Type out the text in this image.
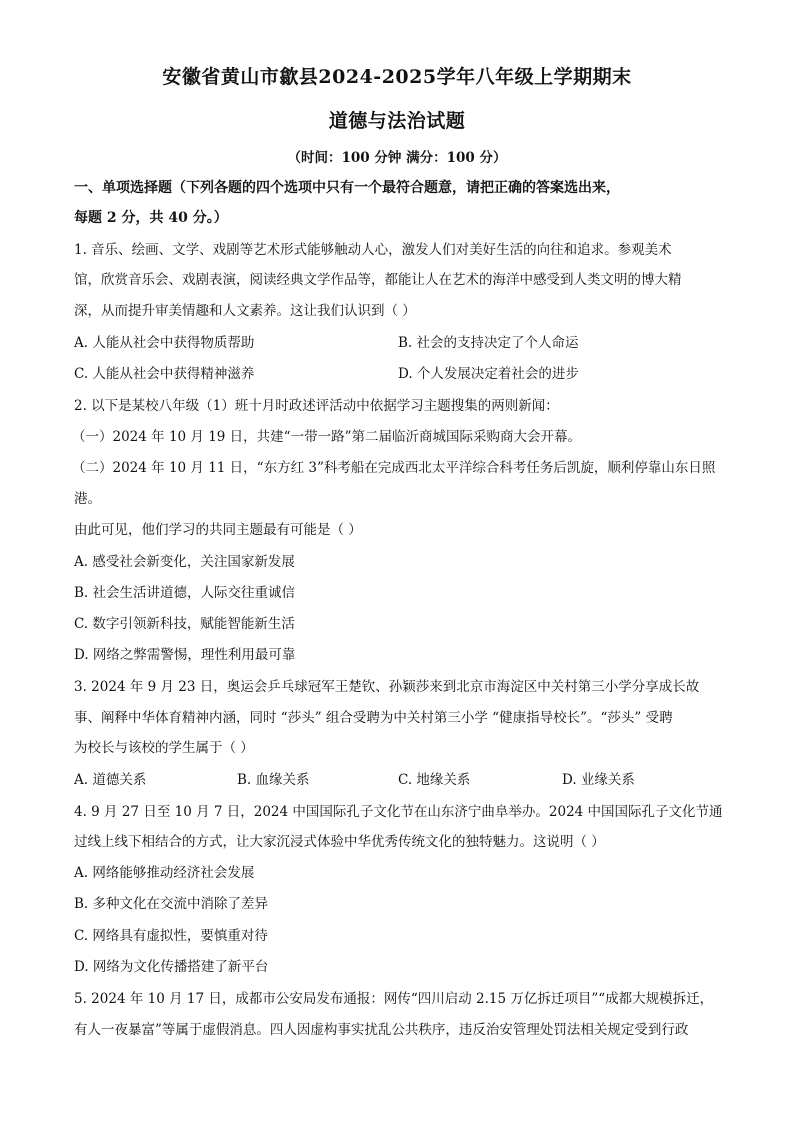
安徽省黄山市歙县2024-2025学年八年级上学期期末
道德与法治试题
（时间：100 分钟 满分：100 分）
一、单项选择题（下列各题的四个选项中只有一个最符合题意，请把正确的答案选出来，
每题 2 分，共 40 分。）
1. 音乐、绘画、文学、戏剧等艺术形式能够触动人心，激发人们对美好生活的向往和追求。参观美术
馆，欣赏音乐会、戏剧表演，阅读经典文学作品等，都能让人在艺术的海洋中感受到人类文明的博大精
深，从而提升审美情趣和人文素养。这让我们认识到（ ）
A. 人能从社会中获得物质帮助	B. 社会的支持决定了个人命运
C. 人能从社会中获得精神滋养	D. 个人发展决定着社会的进步
2. 以下是某校八年级（1）班十月时政述评活动中依据学习主题搜集的两则新闻：
（一）2024 年 10 月 19 日，共建“一带一路”第二届临沂商城国际采购商大会开幕。
（二）2024 年 10 月 11 日，“东方红 3”科考船在完成西北太平洋综合科考任务后凯旋，顺利停靠山东日照
港。
由此可见，他们学习的共同主题最有可能是（ ）
A. 感受社会新变化，关注国家新发展
B. 社会生活讲道德，人际交往重诚信
C. 数字引领新科技，赋能智能新生活
D. 网络之弊需警惕，理性利用最可靠
3. 2024 年 9 月 23 日，奥运会乒乓球冠军王楚钦、孙颖莎来到北京市海淀区中关村第三小学分享成长故
事、阐释中华体育精神内涵，同时 “莎头” 组合受聘为中关村第三小学 “健康指导校长”。“莎头” 受聘
为校长与该校的学生属于（ ）
A. 道德关系	B. 血缘关系	C. 地缘关系	D. 业缘关系
4. 9 月 27 日至 10 月 7 日，2024 中国国际孔子文化节在山东济宁曲阜举办。2024 中国国际孔子文化节通
过线上线下相结合的方式，让大家沉浸式体验中华优秀传统文化的独特魅力。这说明（ ）
A. 网络能够推动经济社会发展
B. 多种文化在交流中消除了差异
C. 网络具有虚拟性，要慎重对待
D. 网络为文化传播搭建了新平台
5. 2024 年 10 月 17 日，成都市公安局发布通报：网传“四川启动 2.15 万亿拆迁项目”“成都大规模拆迁，
有人一夜暴富”等属于虚假消息。四人因虚构事实扰乱公共秩序，违反治安管理处罚法相关规定受到行政
